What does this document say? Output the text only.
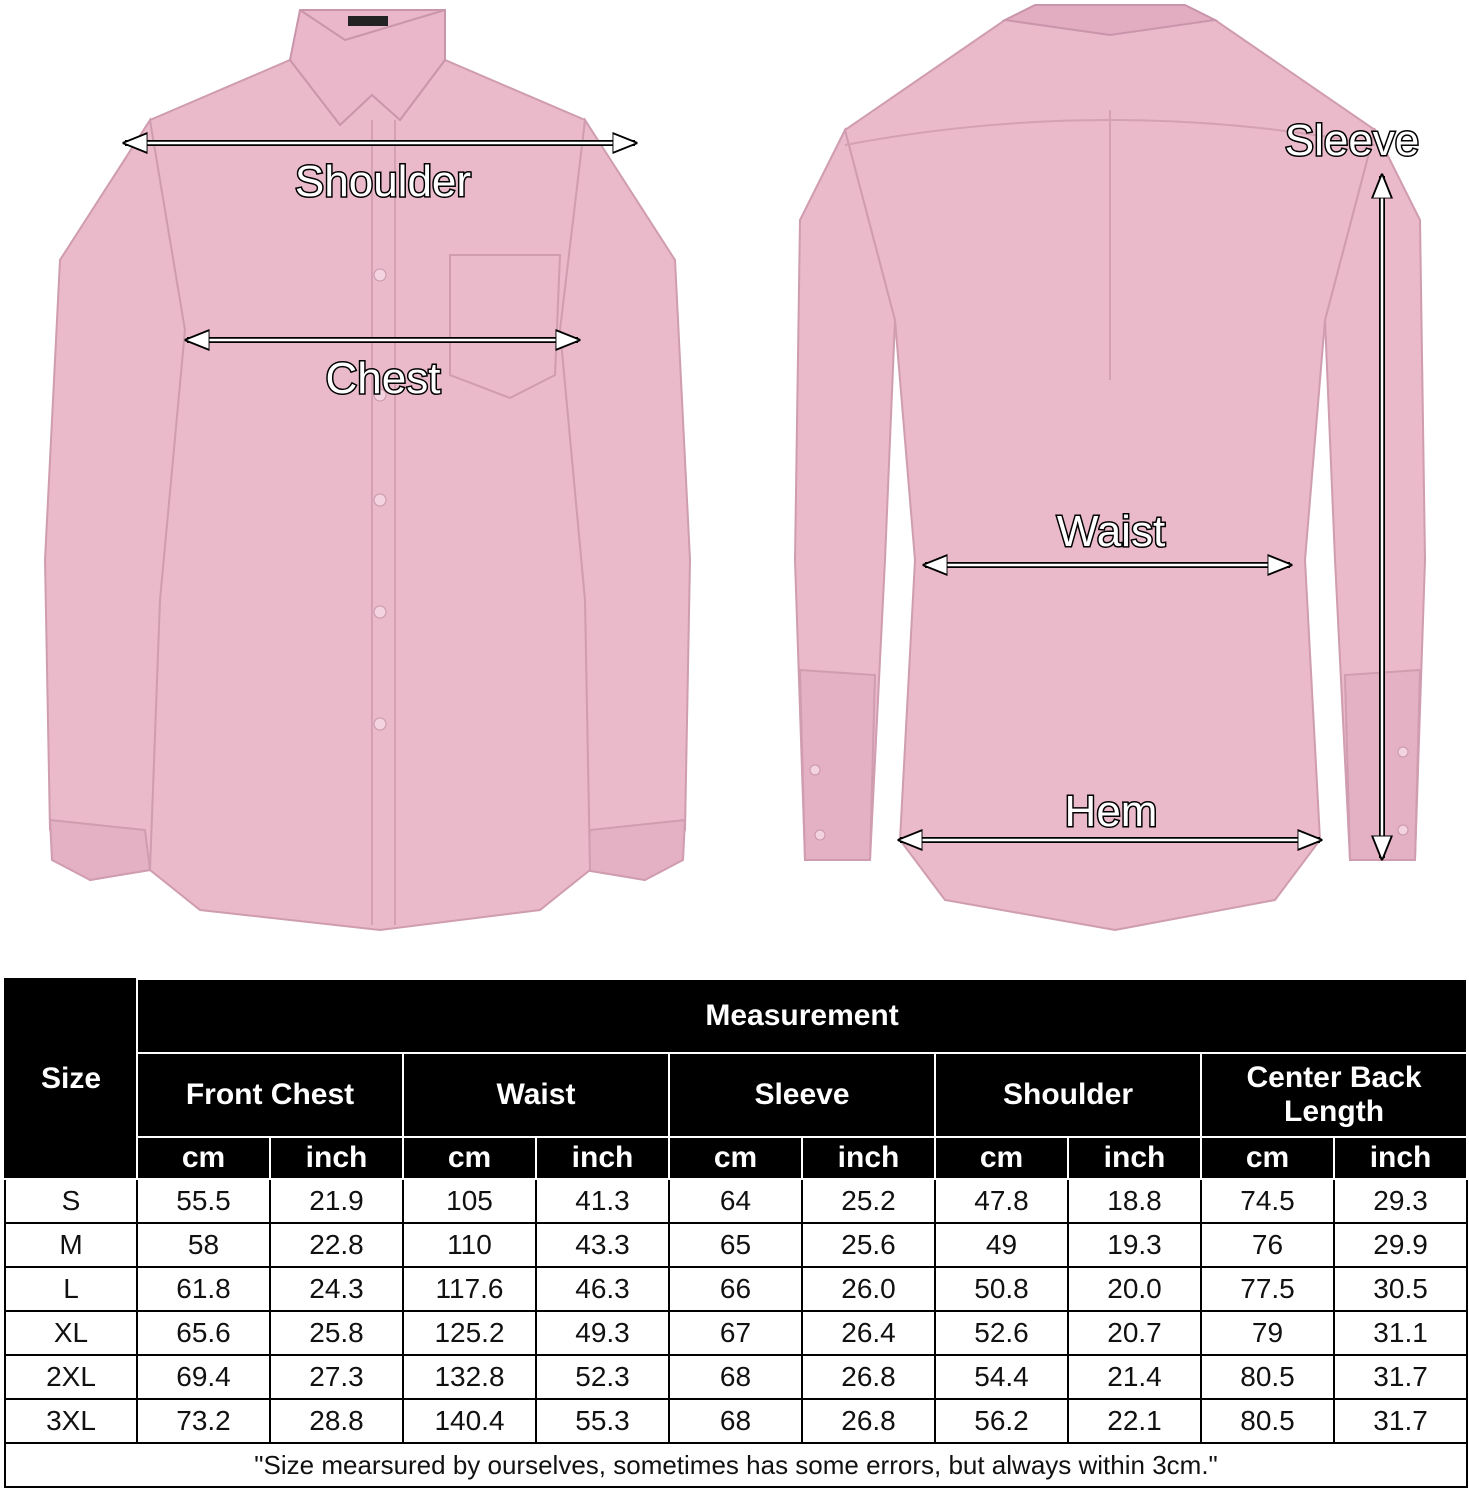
Shoulder
Chest
Sleeve
Waist
Hem
Size	Measurement									
	Front Chest		Waist		Sleeve		Shoulder		Center Back Length	
	cm	inch	cm	inch	cm	inch	cm	inch	cm	inch
S	55.5	21.9	105	41.3	64	25.2	47.8	18.8	74.5	29.3
M	58	22.8	110	43.3	65	25.6	49	19.3	76	29.9
L	61.8	24.3	117.6	46.3	66	26.0	50.8	20.0	77.5	30.5
XL	65.6	25.8	125.2	49.3	67	26.4	52.6	20.7	79	31.1
2XL	69.4	27.3	132.8	52.3	68	26.8	54.4	21.4	80.5	31.7
3XL	73.2	28.8	140.4	55.3	68	26.8	56.2	22.1	80.5	31.7
"Size mearsured by ourselves, sometimes has some errors, but always within 3cm."										
